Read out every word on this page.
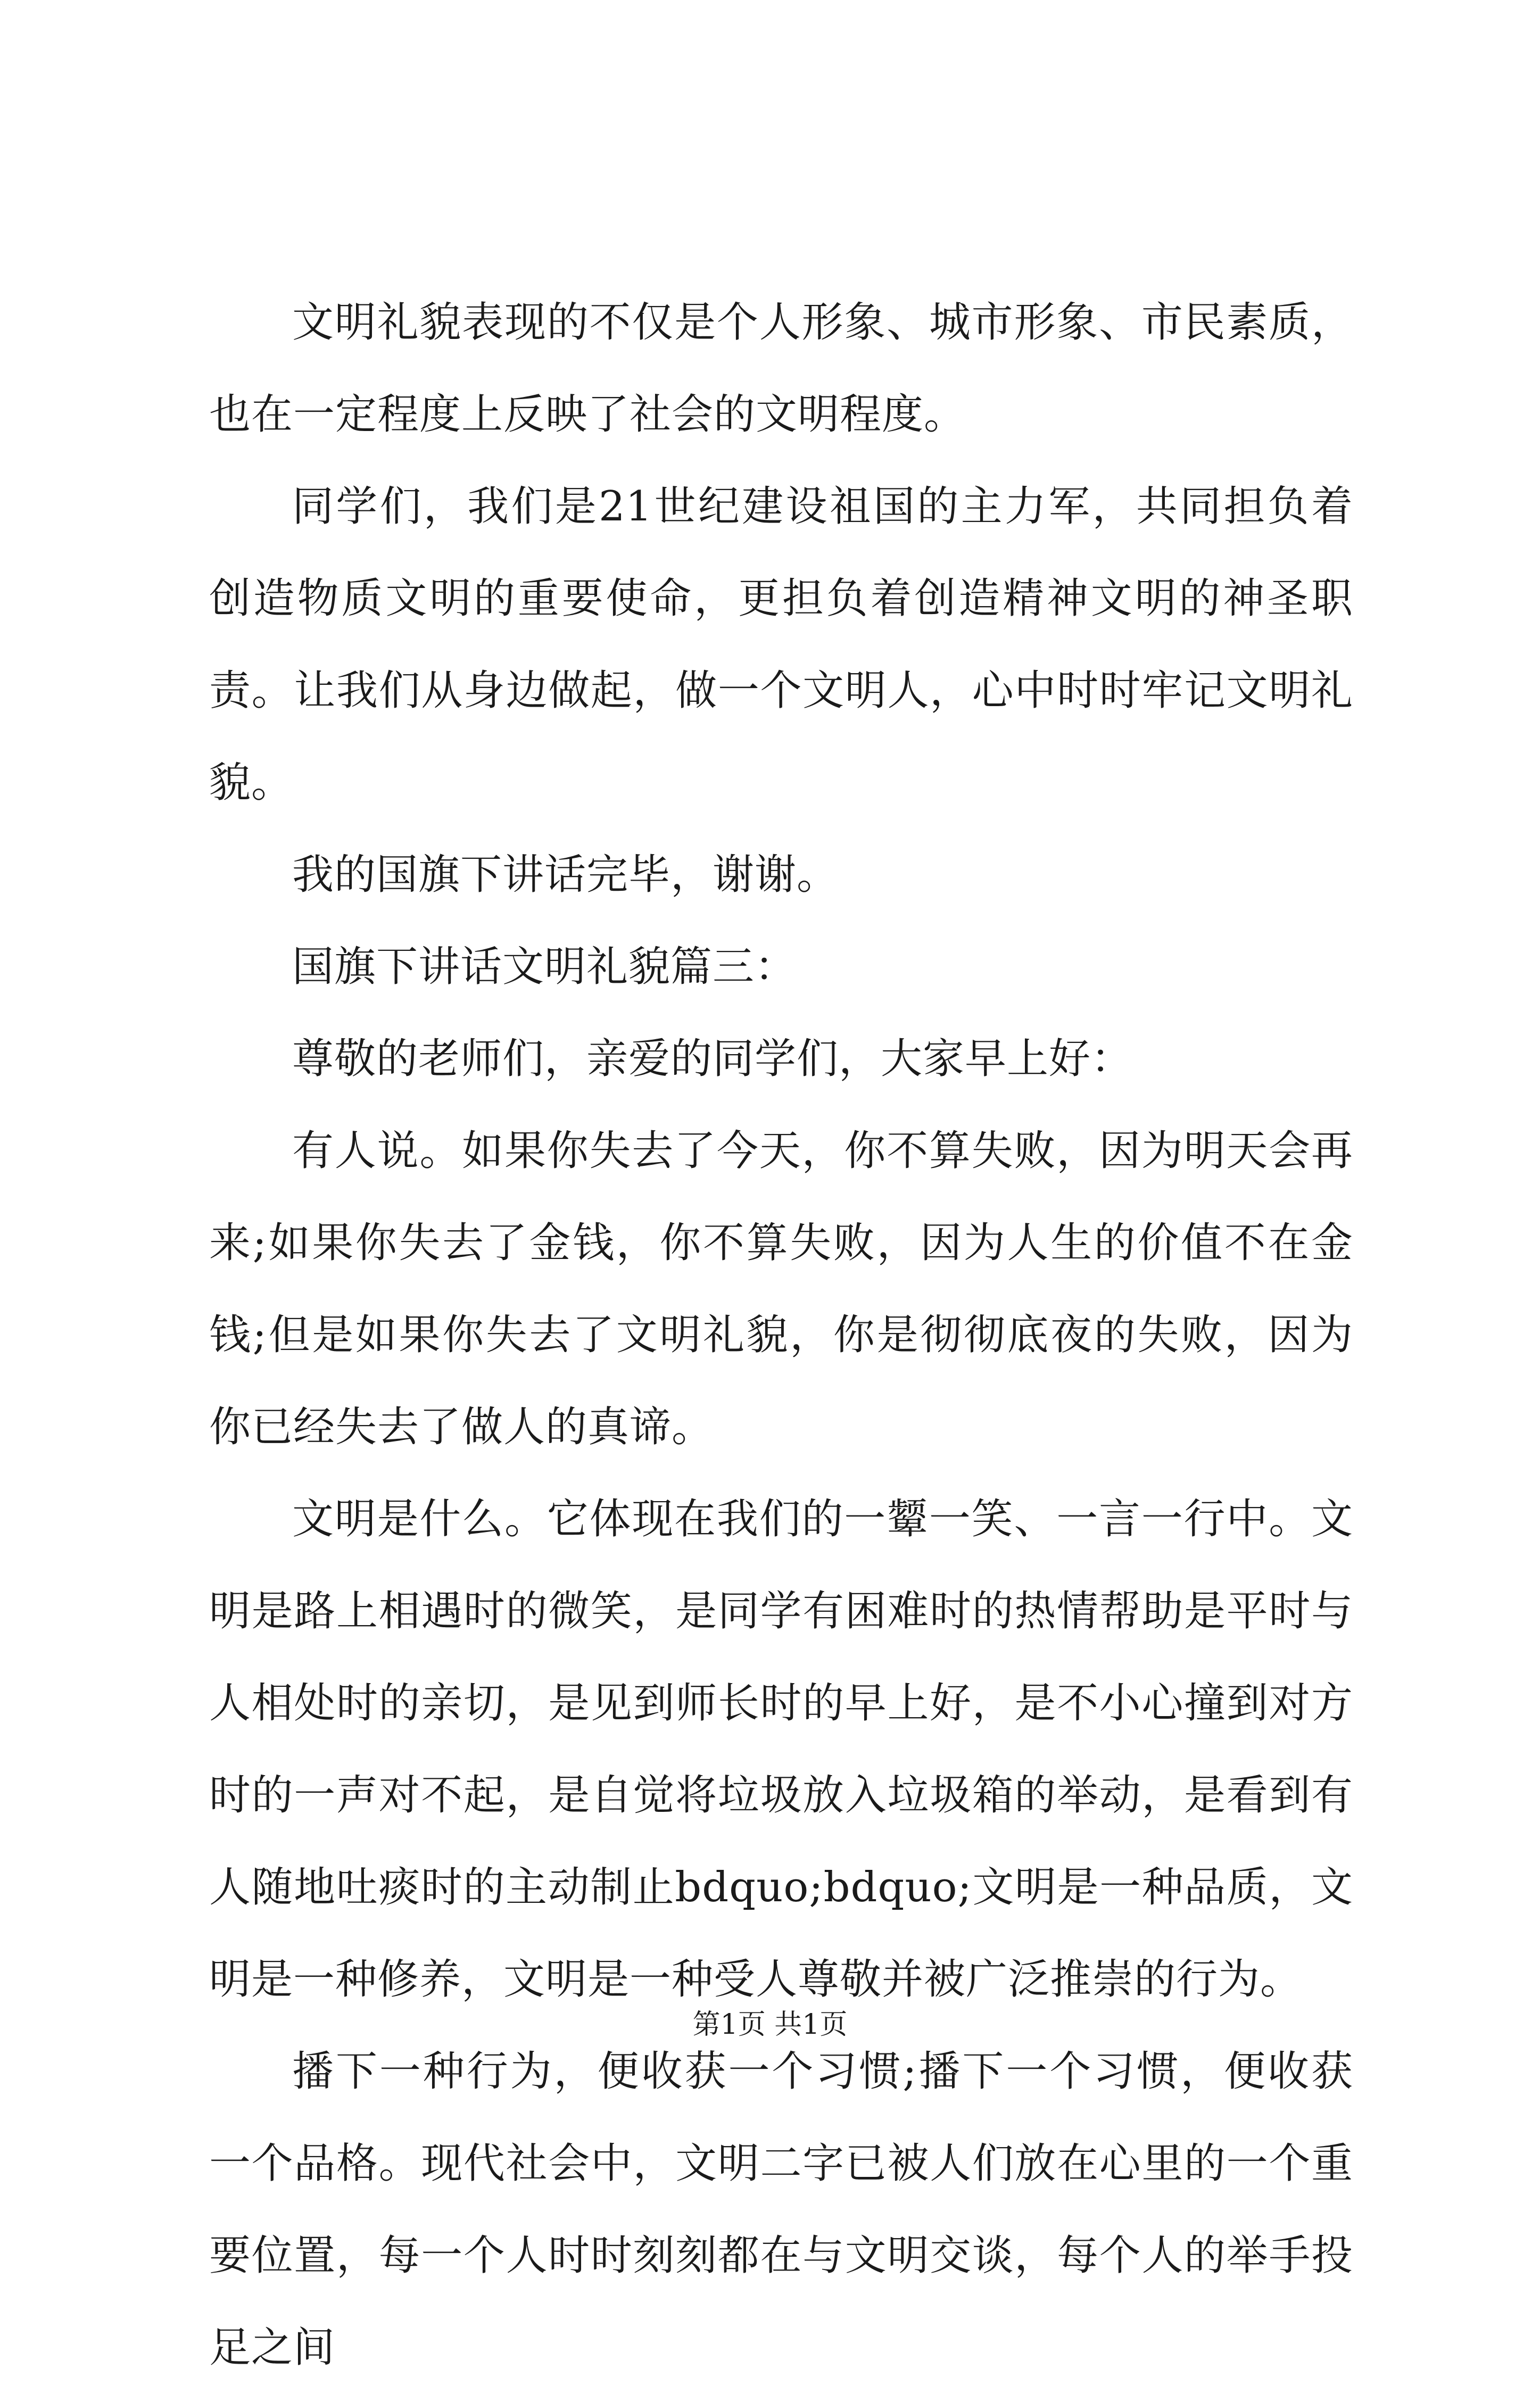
文明礼貌表现的不仅是个人形象、城市形象、市民素质，也在一定程度上反映了社会的文明程度。

同学们，我们是21世纪建设祖国的主力军，共同担负着创造物质文明的重要使命，更担负着创造精神文明的神圣职责。让我们从身边做起，做一个文明人，心中时时牢记文明礼貌。

我的国旗下讲话完毕，谢谢。

国旗下讲话文明礼貌篇三：

尊敬的老师们，亲爱的同学们，大家早上好：

有人说。如果你失去了今天，你不算失败，因为明天会再来;如果你失去了金钱，你不算失败，因为人生的价值不在金钱;但是如果你失去了文明礼貌，你是彻彻底夜的失败，因为你已经失去了做人的真谛。

文明是什么。它体现在我们的一颦一笑、一言一行中。文明是路上相遇时的微笑，是同学有困难时的热情帮助是平时与人相处时的亲切，是见到师长时的早上好，是不小心撞到对方时的一声对不起，是自觉将垃圾放入垃圾箱的举动，是看到有人随地吐痰时的主动制止bdquo;bdquo;文明是一种品质，文明是一种修养，文明是一种受人尊敬并被广泛推崇的行为。

播下一种行为，便收获一个习惯;播下一个习惯，便收获一个品格。现代社会中，文明二字已被人们放在心里的一个重要位置，每一个人时时刻刻都在与文明交谈，每个人的举手投足之间

第1页 共1页
